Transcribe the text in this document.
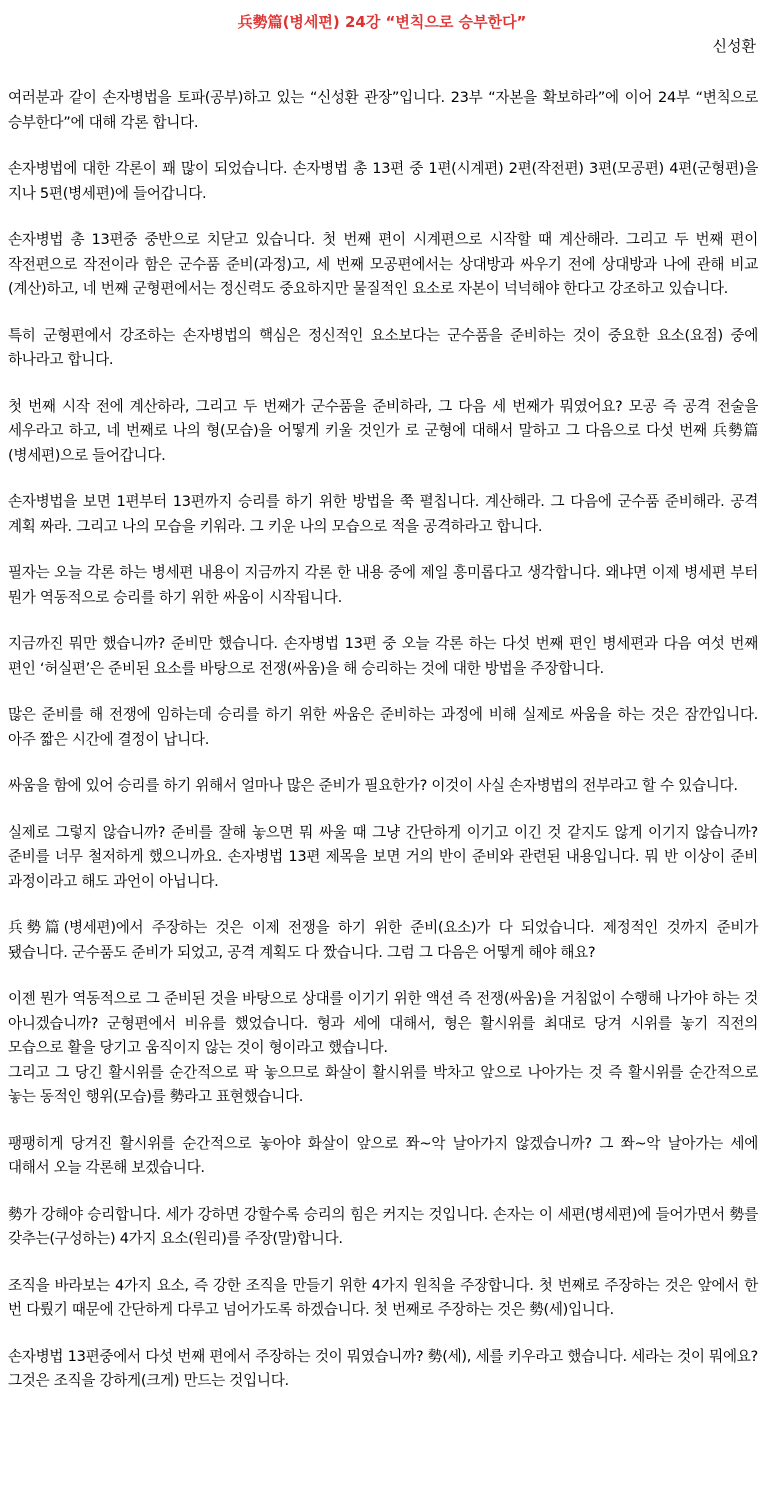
兵勢篇(병세편) 24강 “변칙으로 승부한다”
신성환

여러분과 같이 손자병법을 토파(공부)하고 있는 “신성환 관장”입니다. 23부 “자본을 확보하라”에 이어 24부 “변칙으로 승부한다”에 대해 각론 합니다.

손자병법에 대한 각론이 꽤 많이 되었습니다. 손자병법 총 13편 중 1편(시계편) 2편(작전편) 3편(모공편) 4편(군형편)을 지나 5편(병세편)에 들어갑니다.

손자병법 총 13편중 중반으로 치닫고 있습니다. 첫 번째 편이 시계편으로 시작할 때 계산해라. 그리고 두 번째 편이 작전편으로 작전이라 함은 군수품 준비(과정)고, 세 번째 모공편에서는 상대방과 싸우기 전에 상대방과 나에 관해 비교(계산)하고, 네 번째 군형편에서는 정신력도 중요하지만 물질적인 요소로 자본이 넉넉해야 한다고 강조하고 있습니다.

특히 군형편에서 강조하는 손자병법의 핵심은 정신적인 요소보다는 군수품을 준비하는 것이 중요한 요소(요점) 중에 하나라고 합니다.

첫 번째 시작 전에 계산하라, 그리고 두 번째가 군수품을 준비하라, 그 다음 세 번째가 뭐였어요? 모공 즉 공격 전술을 세우라고 하고, 네 번째로 나의 형(모습)을 어떻게 키울 것인가 로 군형에 대해서 말하고 그 다음으로 다섯 번째 兵勢篇(병세편)으로 들어갑니다.

손자병법을 보면 1편부터 13편까지 승리를 하기 위한 방법을 쭉 펼칩니다. 계산해라. 그 다음에 군수품 준비해라. 공격 계획 짜라. 그리고 나의 모습을 키워라. 그 키운 나의 모습으로 적을 공격하라고 합니다.

필자는 오늘 각론 하는 병세편 내용이 지금까지 각론 한 내용 중에 제일 흥미롭다고 생각합니다. 왜냐면 이제 병세편 부터 뭔가 역동적으로 승리를 하기 위한 싸움이 시작됩니다.

지금까진 뭐만 했습니까? 준비만 했습니다. 손자병법 13편 중 오늘 각론 하는 다섯 번째 편인 병세편과 다음 여섯 번째 편인 ‘허실편’은 준비된 요소를 바탕으로 전쟁(싸움)을 해 승리하는 것에 대한 방법을 주장합니다.

많은 준비를 해 전쟁에 임하는데 승리를 하기 위한 싸움은 준비하는 과정에 비해 실제로 싸움을 하는 것은 잠깐입니다. 아주 짧은 시간에 결정이 납니다.

싸움을 함에 있어 승리를 하기 위해서 얼마나 많은 준비가 필요한가? 이것이 사실 손자병법의 전부라고 할 수 있습니다.

실제로 그렇지 않습니까? 준비를 잘해 놓으면 뭐 싸울 때 그냥 간단하게 이기고 이긴 것 같지도 않게 이기지 않습니까? 준비를 너무 철저하게 했으니까요. 손자병법 13편 제목을 보면 거의 반이 준비와 관련된 내용입니다. 뭐 반 이상이 준비 과정이라고 해도 과언이 아닙니다.

兵勢篇(병세편)에서 주장하는 것은 이제 전쟁을 하기 위한 준비(요소)가 다 되었습니다. 제정적인 것까지 준비가 됐습니다. 군수품도 준비가 되었고, 공격 계획도 다 짰습니다. 그럼 그 다음은 어떻게 해야 해요?

이젠 뭔가 역동적으로 그 준비된 것을 바탕으로 상대를 이기기 위한 액션 즉 전쟁(싸움)을 거침없이 수행해 나가야 하는 것 아니겠습니까? 군형편에서 비유를 했었습니다. 형과 세에 대해서, 형은 활시위를 최대로 당겨 시위를 놓기 직전의 모습으로 활을 당기고 움직이지 않는 것이 형이라고 했습니다.

그리고 그 당긴 활시위를 순간적으로 팍 놓으므로 화살이 활시위를 박차고 앞으로 나아가는 것 즉 활시위를 순간적으로 놓는 동적인 행위(모습)를 勢라고 표현했습니다.

팽팽히게 당겨진 활시위를 순간적으로 놓아야 화살이 앞으로 쫘~악 날아가지 않겠습니까? 그 쫘~악 날아가는 세에 대해서 오늘 각론해 보겠습니다.

勢가 강해야 승리합니다. 세가 강하면 강할수록 승리의 힘은 커지는 것입니다. 손자는 이 세편(병세편)에 들어가면서 勢를 갖추는(구성하는) 4가지 요소(원리)를 주장(말)합니다.

조직을 바라보는 4가지 요소, 즉 강한 조직을 만들기 위한 4가지 원칙을 주장합니다. 첫 번째로 주장하는 것은 앞에서 한 번 다뤘기 때문에 간단하게 다루고 넘어가도록 하겠습니다. 첫 번째로 주장하는 것은 勢(세)입니다.

손자병법 13편중에서 다섯 번째 편에서 주장하는 것이 뭐였습니까? 勢(세), 세를 키우라고 했습니다. 세라는 것이 뭐에요? 그것은 조직을 강하게(크게) 만드는 것입니다.
